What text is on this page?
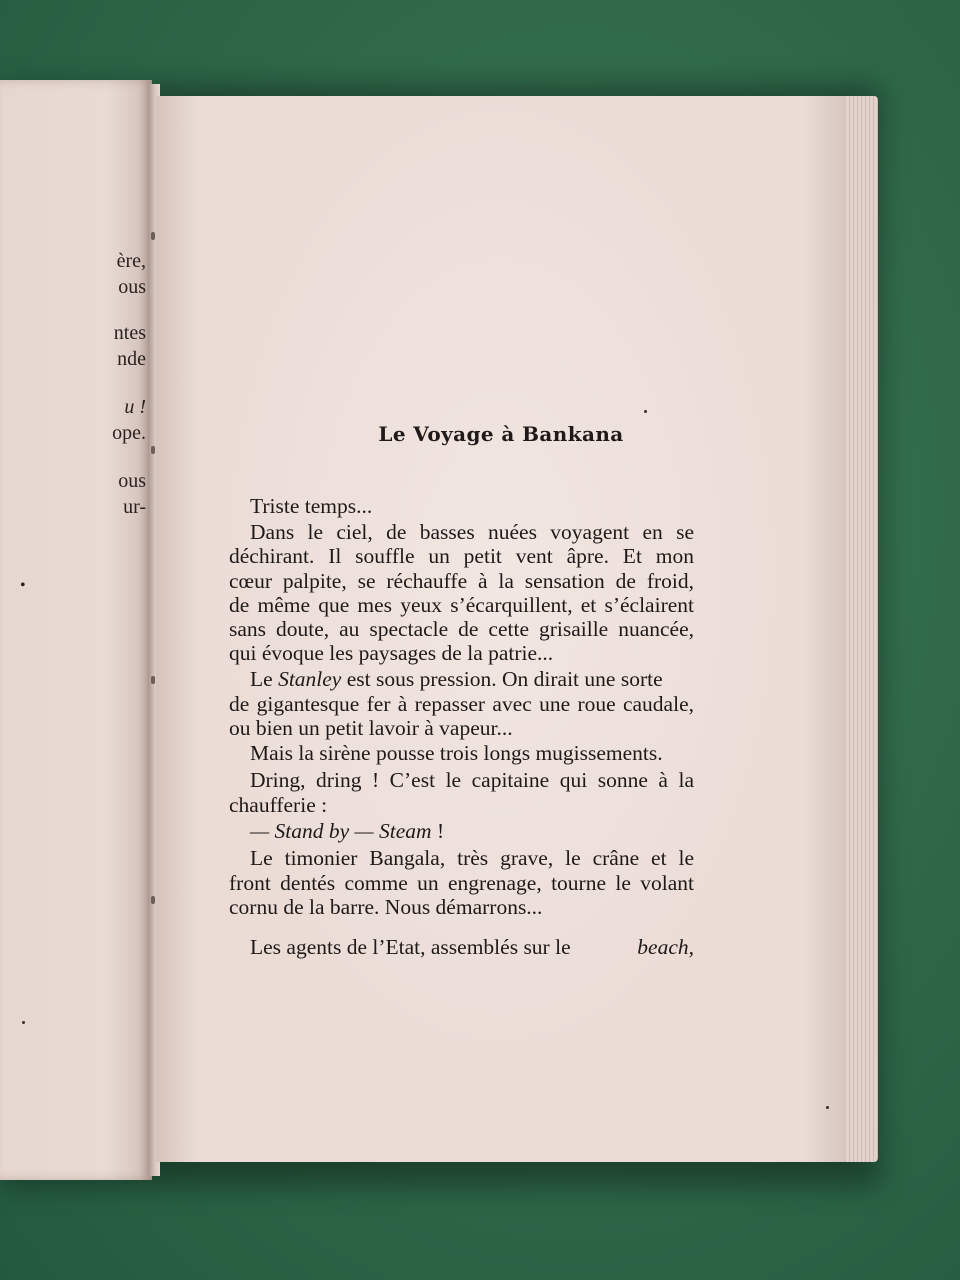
ère,
ous
ntes
nde
u !
ope.
ous
ur-
•
Le Voyage à Bankana
Triste temps...
Dans le ciel, de basses nuées voyagent en se
déchirant. Il souffle un petit vent âpre. Et mon
cœur palpite, se réchauffe à la sensation de froid,
de même que mes yeux s’écarquillent, et s’éclairent
sans doute, au spectacle de cette grisaille nuancée,
qui évoque les paysages de la patrie...
Le Stanley est sous pression. On dirait une sorte
de gigantesque fer à repasser avec une roue caudale,
ou bien un petit lavoir à vapeur...
Mais la sirène pousse trois longs mugissements.
Dring, dring ! C’est le capitaine qui sonne à la
chaufferie :
— Stand by — Steam !
Le timonier Bangala, très grave, le crâne et le
front dentés comme un engrenage, tourne le volant
cornu de la barre. Nous démarrons...
Les agents de l’Etat, assemblés sur le	beach,
